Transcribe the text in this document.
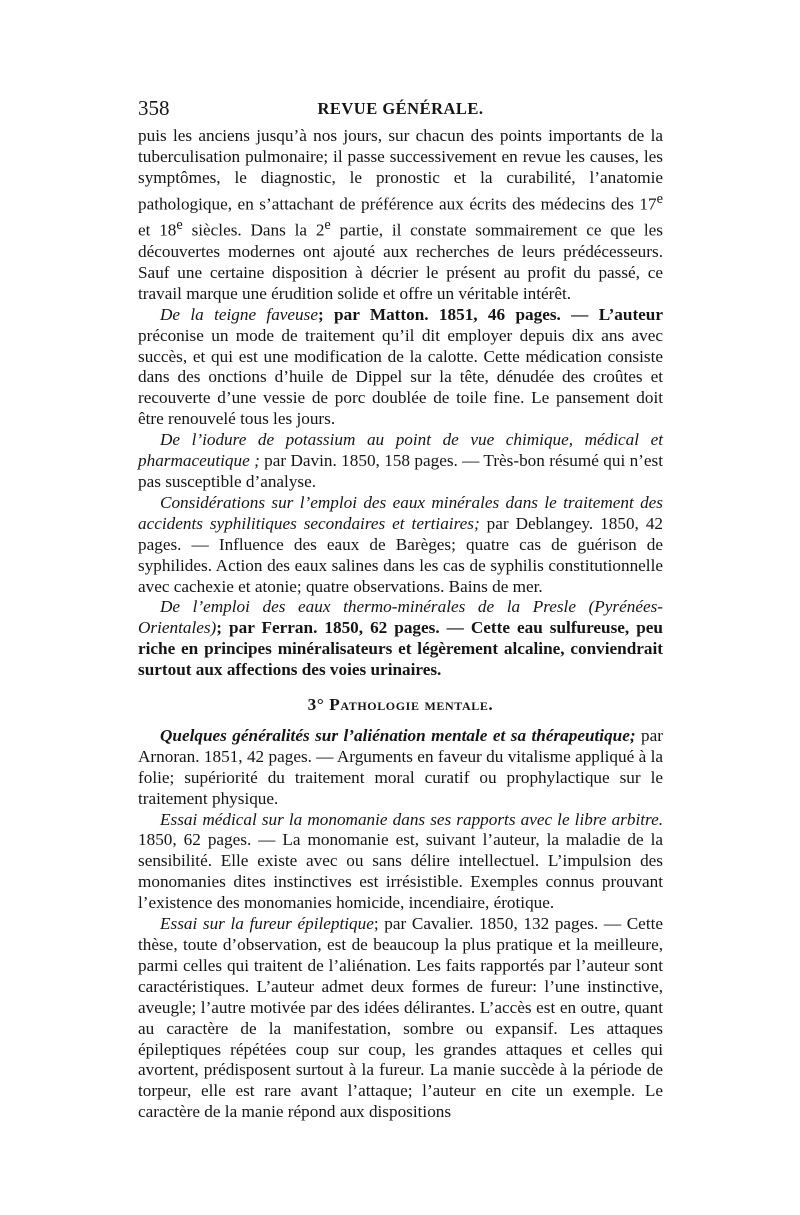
358	REVUE GÉNÉRALE.

puis les anciens jusqu’à nos jours, sur chacun des points importants de la tuberculisation pulmonaire; il passe successivement en revue les causes, les symptômes, le diagnostic, le pronostic et la curabilité, l’anatomie pathologique, en s’attachant de préférence aux écrits des médecins des 17e et 18e siècles. Dans la 2e partie, il constate sommairement ce que les découvertes modernes ont ajouté aux recherches de leurs prédécesseurs. Sauf une certaine disposition à décrier le présent au profit du passé, ce travail marque une érudition solide et offre un véritable intérêt.

De la teigne faveuse; par Matton. 1851, 46 pages. — L’auteur préconise un mode de traitement qu’il dit employer depuis dix ans avec succès, et qui est une modification de la calotte. Cette médication consiste dans des onctions d’huile de Dippel sur la tête, dénudée des croûtes et recouverte d’une vessie de porc doublée de toile fine. Le pansement doit être renouvelé tous les jours.

De l’iodure de potassium au point de vue chimique, médical et pharmaceutique ; par Davin. 1850, 158 pages. — Très-bon résumé qui n’est pas susceptible d’analyse.

Considérations sur l’emploi des eaux minérales dans le traitement des accidents syphilitiques secondaires et tertiaires; par Deblangey. 1850, 42 pages. — Influence des eaux de Barèges; quatre cas de guérison de syphilides. Action des eaux salines dans les cas de syphilis constitutionnelle avec cachexie et atonie; quatre observations. Bains de mer.

De l’emploi des eaux thermo-minérales de la Presle (Pyrénées-Orientales); par Ferran. 1850, 62 pages. — Cette eau sulfureuse, peu riche en principes minéralisateurs et légèrement alcaline, conviendrait surtout aux affections des voies urinaires.

3° Pathologie mentale.

Quelques généralités sur l’aliénation mentale et sa thérapeutique; par Arnoran. 1851, 42 pages. — Arguments en faveur du vitalisme appliqué à la folie; supériorité du traitement moral curatif ou prophylactique sur le traitement physique.

Essai médical sur la monomanie dans ses rapports avec le libre arbitre. 1850, 62 pages. — La monomanie est, suivant l’auteur, la maladie de la sensibilité. Elle existe avec ou sans délire intellectuel. L’impulsion des monomanies dites instinctives est irrésistible. Exemples connus prouvant l’existence des monomanies homicide, incendiaire, érotique.

Essai sur la fureur épileptique; par Cavalier. 1850, 132 pages. — Cette thèse, toute d’observation, est de beaucoup la plus pratique et la meilleure, parmi celles qui traitent de l’aliénation. Les faits rapportés par l’auteur sont caractéristiques. L’auteur admet deux formes de fureur: l’une instinctive, aveugle; l’autre motivée par des idées délirantes. L’accès est en outre, quant au caractère de la manifestation, sombre ou expansif. Les attaques épileptiques répétées coup sur coup, les grandes attaques et celles qui avortent, prédisposent surtout à la fureur. La manie succède à la période de torpeur, elle est rare avant l’attaque; l’auteur en cite un exemple. Le caractère de la manie répond aux dispositions
